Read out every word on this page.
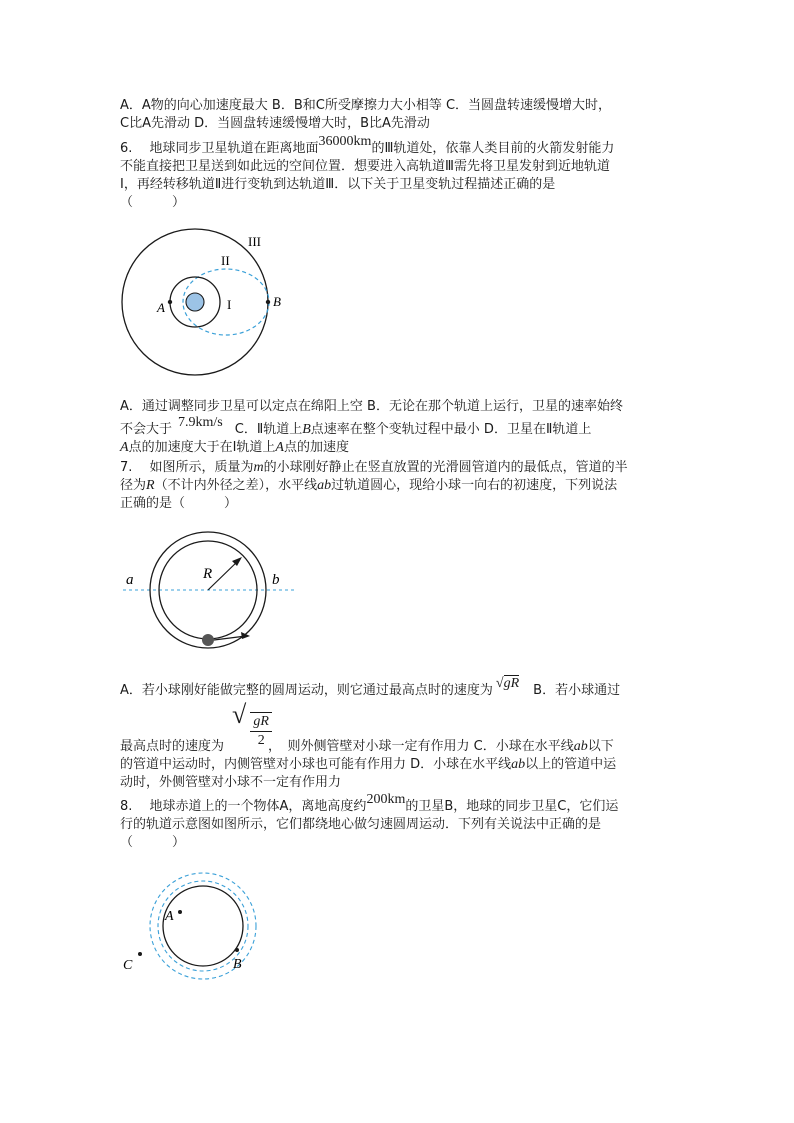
A．A物的向心加速度最大 B．B和C所受摩擦力大小相等 C．当圆盘转速缓慢增大时，
C比A先滑动 D．当圆盘转速缓慢增大时，B比A先滑动
6.　 地球同步卫星轨道在距离地面36000km的Ⅲ轨道处，依靠人类目前的火箭发射能力
不能直接把卫星送到如此远的空间位置．想要进入高轨道Ⅲ需先将卫星发射到近地轨道
Ⅰ，再经转移轨道Ⅱ进行变轨到达轨道Ⅲ．以下关于卫星变轨过程描述正确的是
（　　　）
III
II
I
A	B
A．通过调整同步卫星可以定点在绵阳上空 B．无论在那个轨道上运行，卫星的速率始终
不会大于 7.9km/s C．Ⅱ轨道上B点速率在整个变轨过程中最小 D．卫星在Ⅱ轨道上
A点的加速度大于在Ⅰ轨道上A点的加速度
7.　 如图所示，质量为m的小球刚好静止在竖直放置的光滑圆管道内的最低点，管道的半
径为R（不计内外径之差），水平线ab过轨道圆心，现给小球一向右的初速度，下列说法
正确的是（　　　）
a	b
R
A．若小球刚好能做完整的圆周运动，则它通过最高点时的速度为 √gR B．若小球通过
√ $\frac{gR}{2}$
最高点时的速度为	，　则外侧管壁对小球一定有作用力 C．小球在水平线ab以下
的管道中运动时，内侧管壁对小球也可能有作用力 D．小球在水平线ab以上的管道中运
动时，外侧管壁对小球不一定有作用力
8.　 地球赤道上的一个物体A，离地高度约200km的卫星B，地球的同步卫星C，它们运
行的轨道示意图如图所示，它们都绕地心做匀速圆周运动．下列有关说法中正确的是
（　　　）
A
B
C
